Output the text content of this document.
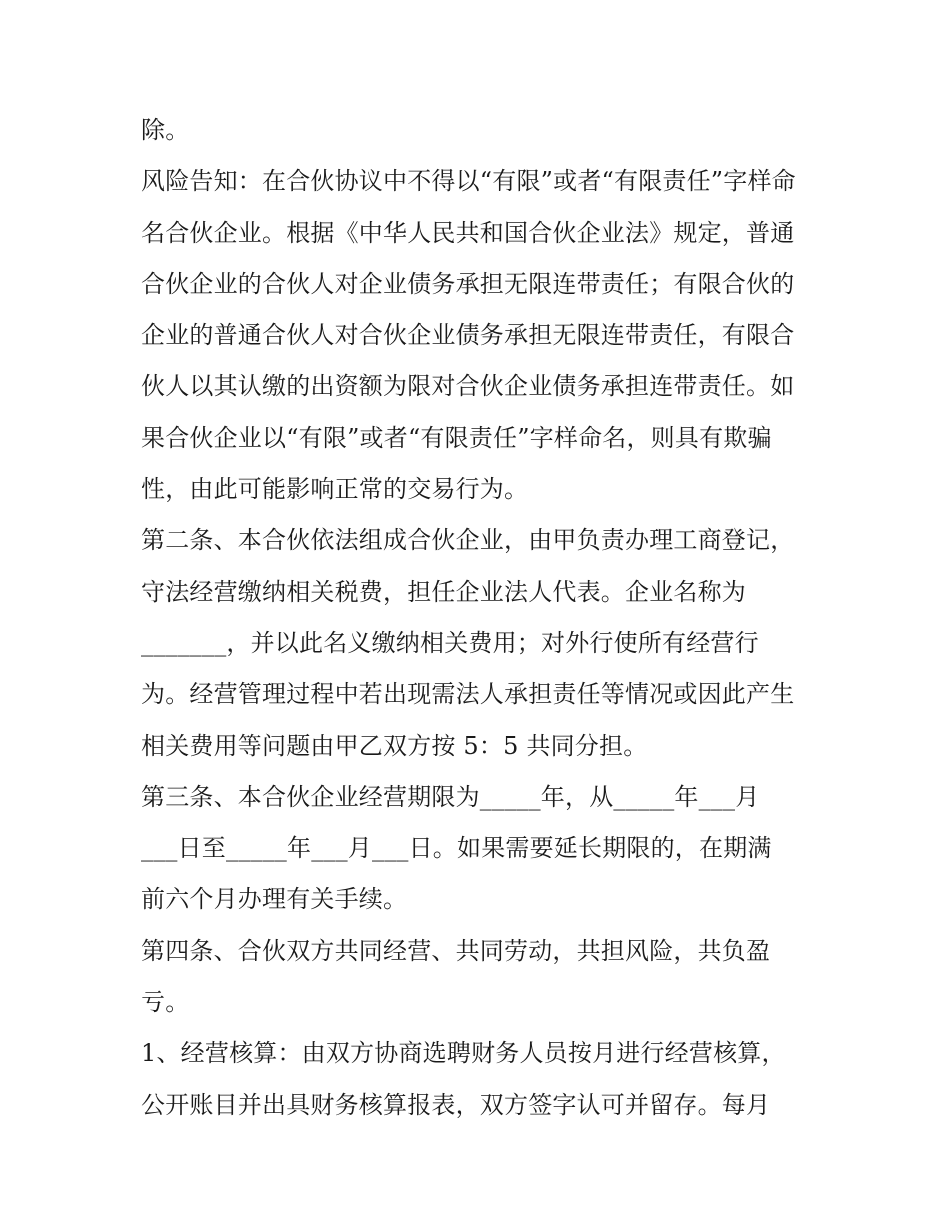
除。
风险告知：在合伙协议中不得以“有限”或者“有限责任”字样命
名合伙企业。根据《中华人民共和国合伙企业法》规定，普通
合伙企业的合伙人对企业债务承担无限连带责任；有限合伙的
企业的普通合伙人对合伙企业债务承担无限连带责任，有限合
伙人以其认缴的出资额为限对合伙企业债务承担连带责任。如
果合伙企业以“有限”或者“有限责任”字样命名，则具有欺骗
性，由此可能影响正常的交易行为。
第二条、本合伙依法组成合伙企业，由甲负责办理工商登记，
守法经营缴纳相关税费，担任企业法人代表。企业名称为
_______，并以此名义缴纳相关费用；对外行使所有经营行
为。经营管理过程中若出现需法人承担责任等情况或因此产生
相关费用等问题由甲乙双方按 5：5 共同分担。
第三条、本合伙企业经营期限为_____年，从_____年___月
___日至_____年___月___日。如果需要延长期限的，在期满
前六个月办理有关手续。
第四条、合伙双方共同经营、共同劳动，共担风险，共负盈
亏。
1、经营核算：由双方协商选聘财务人员按月进行经营核算，
公开账目并出具财务核算报表，双方签字认可并留存。每月
